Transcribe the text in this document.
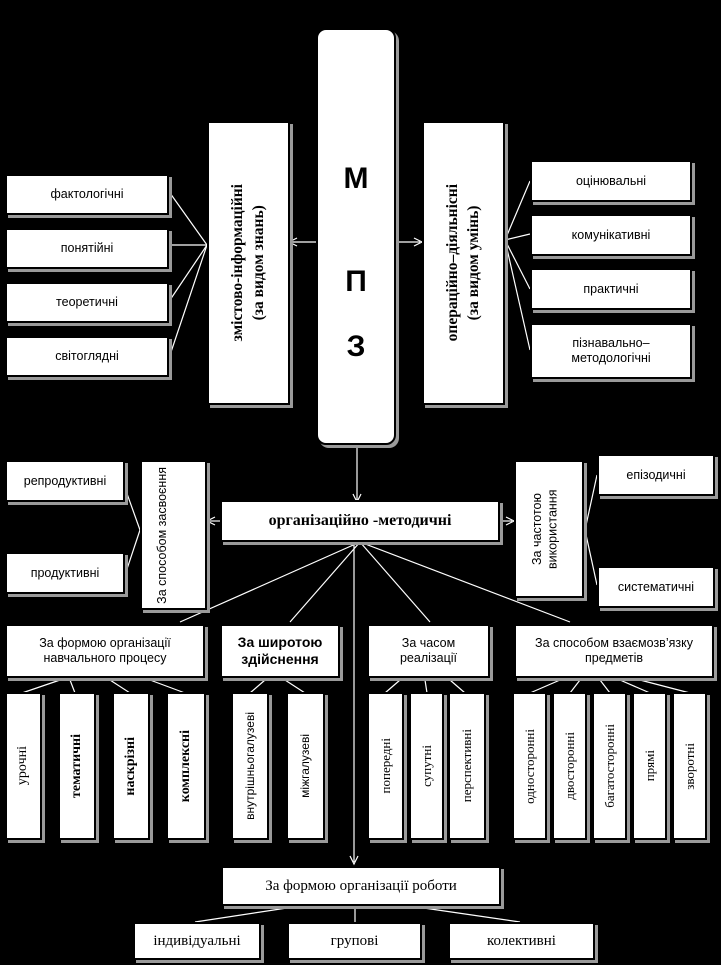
М
П
З
змістово-інформаційні (за видом знань)	операційно–діяльнісні (за видом умінь)
фактологічні
понятійні
теоретичні
світоглядні
оцінювальні
комунікативні
практичні
пізнавально–
методологічні
організаційно -методичні
За способом засвоєння
репродуктивні
продуктивні
За частотою використання
епізодичні
систематичні
За формою організації навчального процесу
За широтою здійснення
За часом реалізації
За способом взаємозв’язку предметів
урочні	тематичні	наскрізні	комплексні	внутрішньогалузеві	міжгалузеві	попередні супутні перспективні	односторонні двосторонні багатосторонні прямі зворотні
За формою організації роботи
індивідуальні	групові	колективні
